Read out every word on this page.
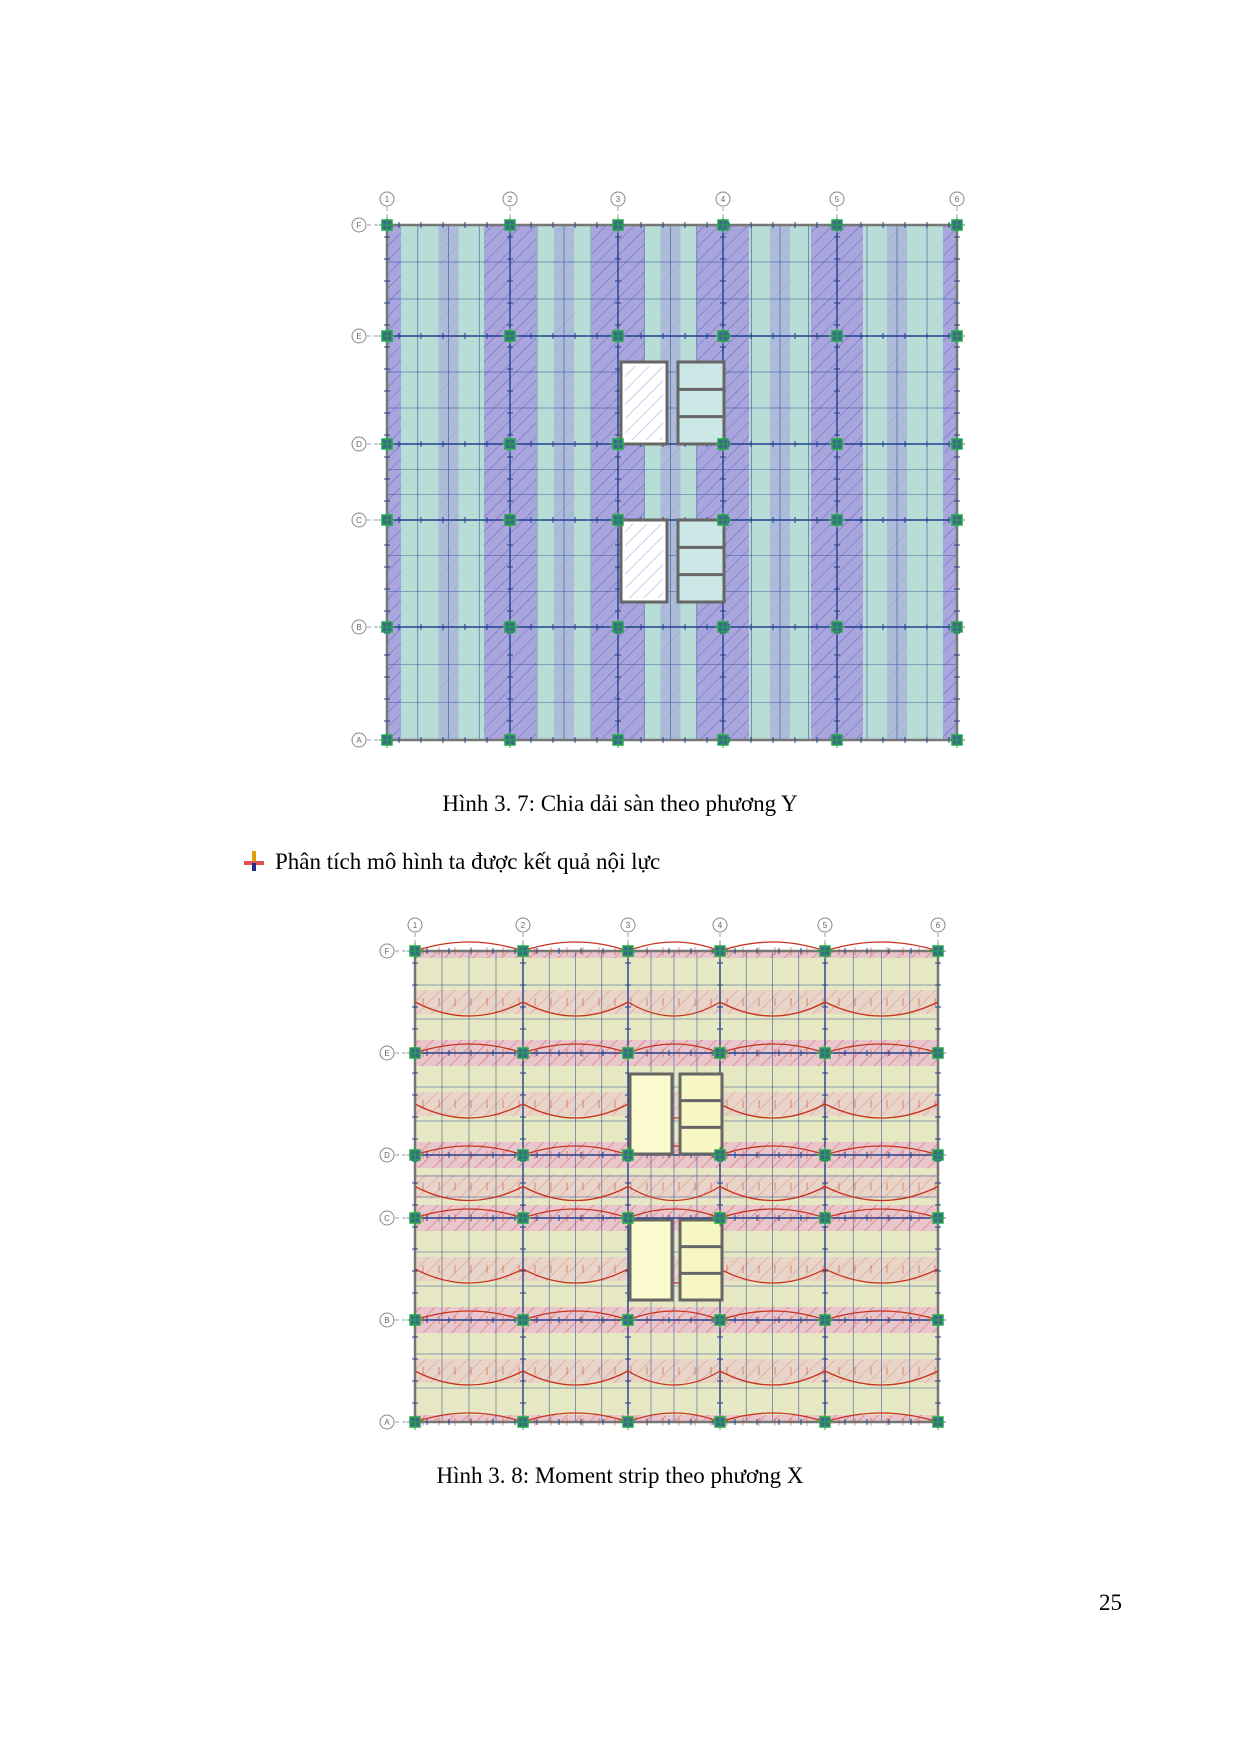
1	2	3	4	5	6
F
E
D
C
B
A
Hình 3. 7: Chia dải sàn theo phương Y
Phân tích mô hình ta được kết quả nội lực
1	2	3	4	5	6
F
E
D
C
B
A
Hình 3. 8: Moment strip theo phương X
25
